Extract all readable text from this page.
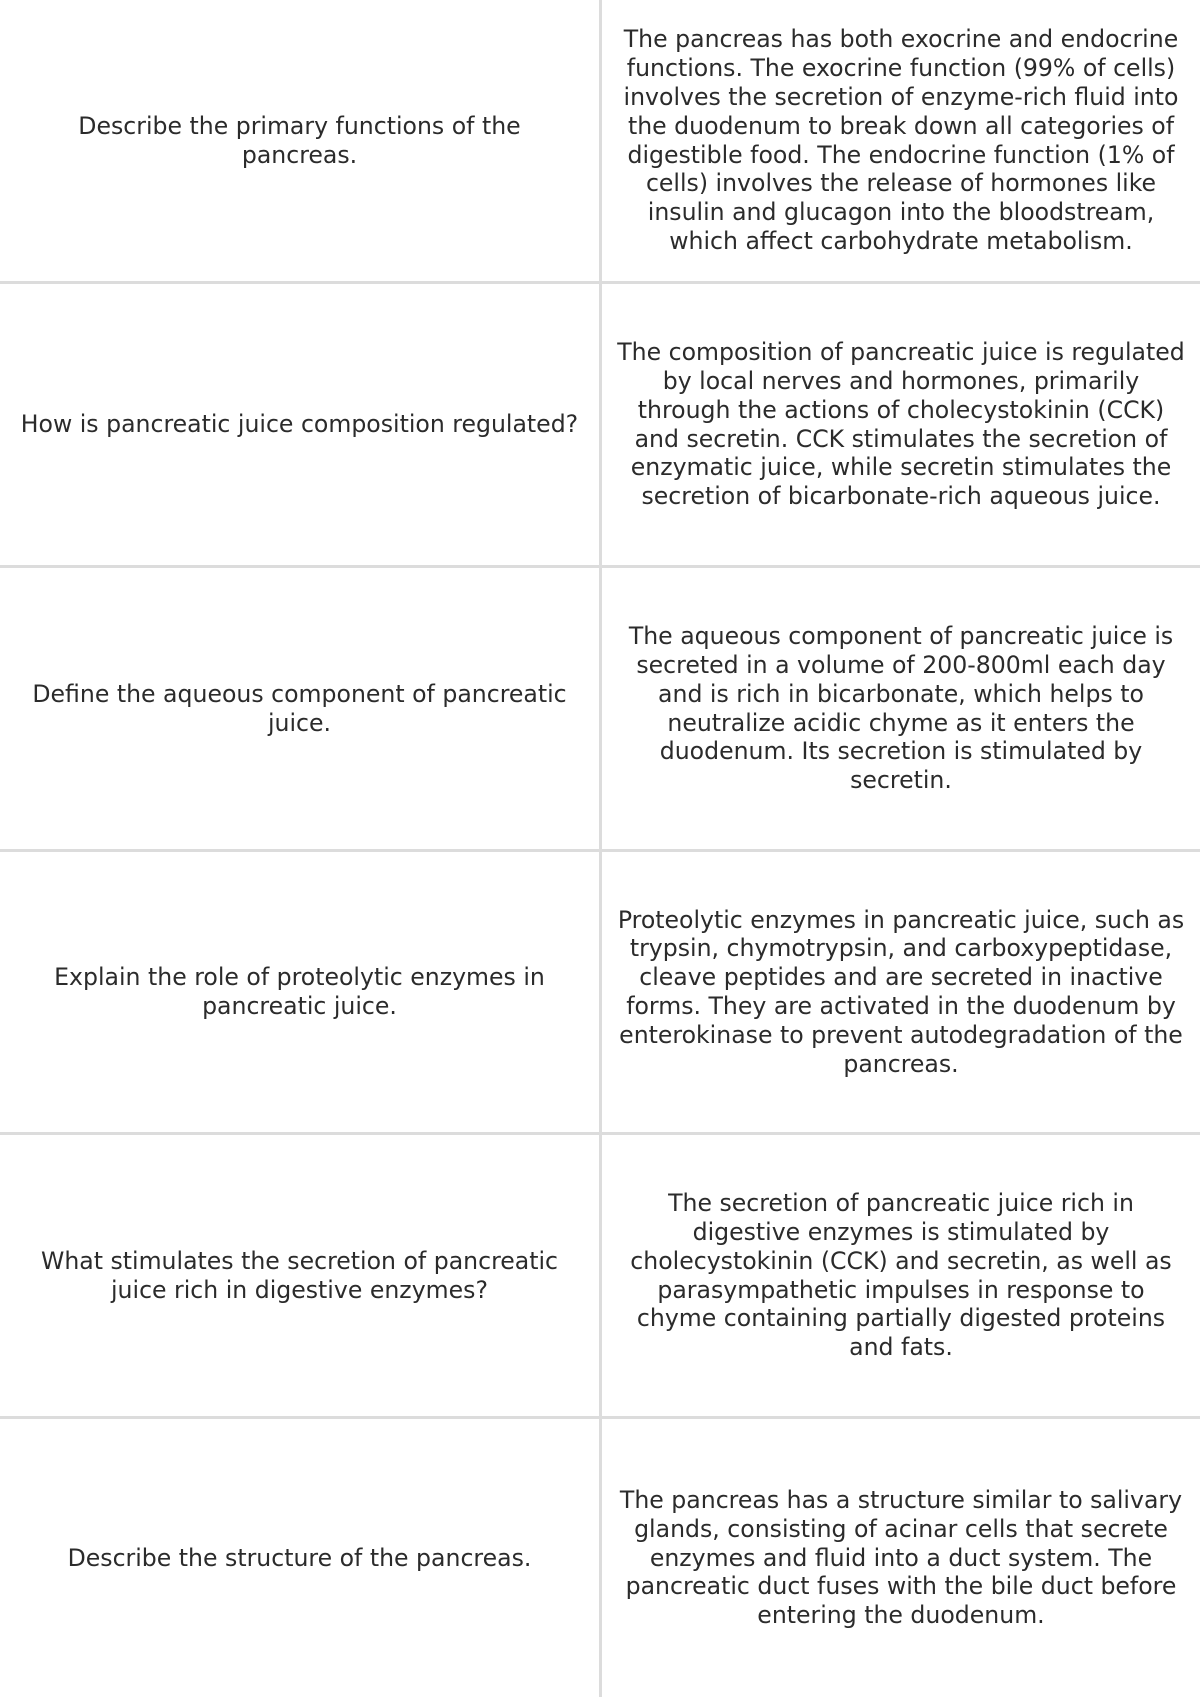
Describe the primary functions of the pancreas.
The pancreas has both exocrine and endocrine functions. The exocrine function (99% of cells) involves the secretion of enzyme-rich fluid into the duodenum to break down all categories of digestible food. The endocrine function (1% of cells) involves the release of hormones like insulin and glucagon into the bloodstream, which affect carbohydrate metabolism.
How is pancreatic juice composition regulated?
The composition of pancreatic juice is regulated by local nerves and hormones, primarily through the actions of cholecystokinin (CCK) and secretin. CCK stimulates the secretion of enzymatic juice, while secretin stimulates the secretion of bicarbonate-rich aqueous juice.
Define the aqueous component of pancreatic juice.
The aqueous component of pancreatic juice is secreted in a volume of 200-800ml each day and is rich in bicarbonate, which helps to neutralize acidic chyme as it enters the duodenum. Its secretion is stimulated by secretin.
Explain the role of proteolytic enzymes in pancreatic juice.
Proteolytic enzymes in pancreatic juice, such as trypsin, chymotrypsin, and carboxypeptidase, cleave peptides and are secreted in inactive forms. They are activated in the duodenum by enterokinase to prevent autodegradation of the pancreas.
What stimulates the secretion of pancreatic juice rich in digestive enzymes?
The secretion of pancreatic juice rich in digestive enzymes is stimulated by cholecystokinin (CCK) and secretin, as well as parasympathetic impulses in response to chyme containing partially digested proteins and fats.
Describe the structure of the pancreas.
The pancreas has a structure similar to salivary glands, consisting of acinar cells that secrete enzymes and fluid into a duct system. The pancreatic duct fuses with the bile duct before entering the duodenum.
